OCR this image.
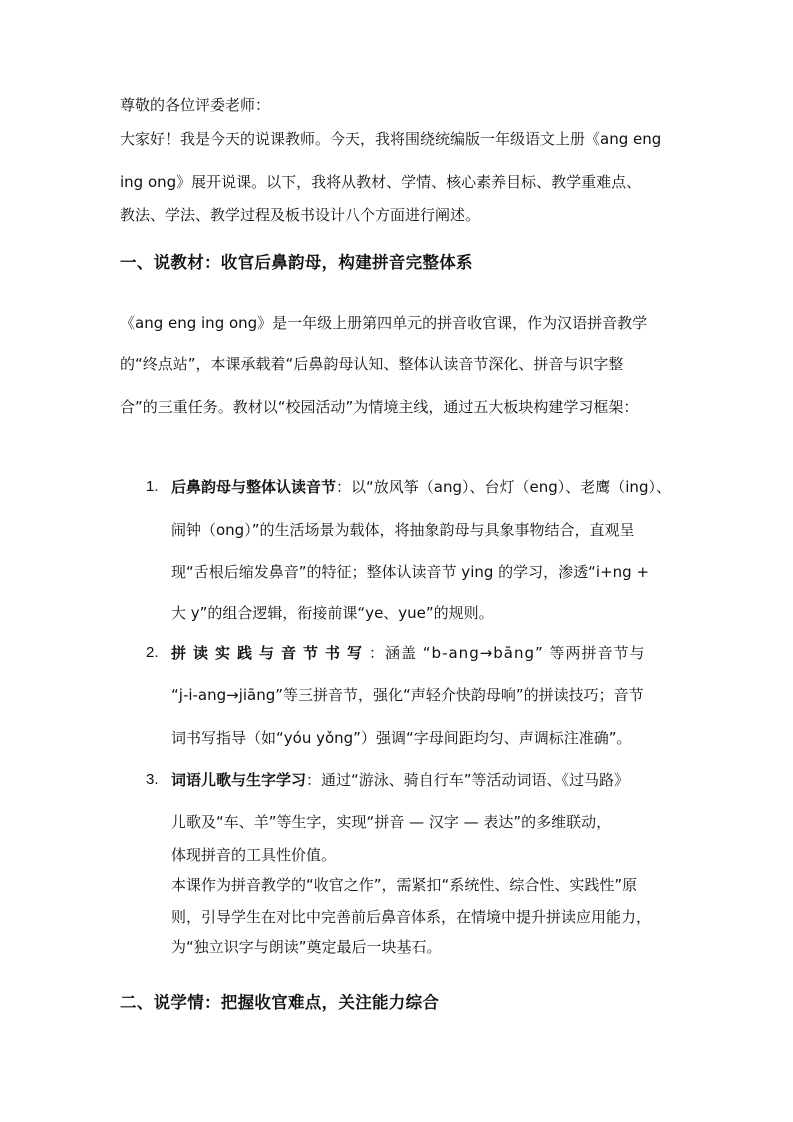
尊敬的各位评委老师：
大家好！我是今天的说课教师。今天，我将围绕统编版一年级语文上册《ang eng
ing ong》展开说课。以下，我将从教材、学情、核心素养目标、教学重难点、
教法、学法、教学过程及板书设计八个方面进行阐述。
一、说教材：收官后鼻韵母，构建拼音完整体系
《ang eng ing ong》是一年级上册第四单元的拼音收官课，作为汉语拼音教学
的“终点站”，本课承载着“后鼻韵母认知、整体认读音节深化、拼音与识字整
合”的三重任务。教材以“校园活动”为情境主线，通过五大板块构建学习框架：
1. 后鼻韵母与整体认读音节：以“放风筝（ang）、台灯（eng）、老鹰（ing）、
闹钟（ong）”的生活场景为载体，将抽象韵母与具象事物结合，直观呈
现“舌根后缩发鼻音”的特征；整体认读音节 ying 的学习，渗透“i+ng +
大 y”的组合逻辑，衔接前课“ye、yue”的规则。
2. 拼读实践与音节书写：涵盖 “b-ang→bāng” 等两拼音节与
“j-i-ang→jiāng”等三拼音节，强化“声轻介快韵母响”的拼读技巧；音节
词书写指导（如“yóu yǒng”）强调“字母间距均匀、声调标注准确”。
3. 词语儿歌与生字学习：通过“游泳、骑自行车”等活动词语、《过马路》
儿歌及“车、羊”等生字，实现“拼音 — 汉字 — 表达”的多维联动，
体现拼音的工具性价值。
本课作为拼音教学的“收官之作”，需紧扣“系统性、综合性、实践性”原
则，引导学生在对比中完善前后鼻音体系，在情境中提升拼读应用能力，
为“独立识字与朗读”奠定最后一块基石。
二、说学情：把握收官难点，关注能力综合
